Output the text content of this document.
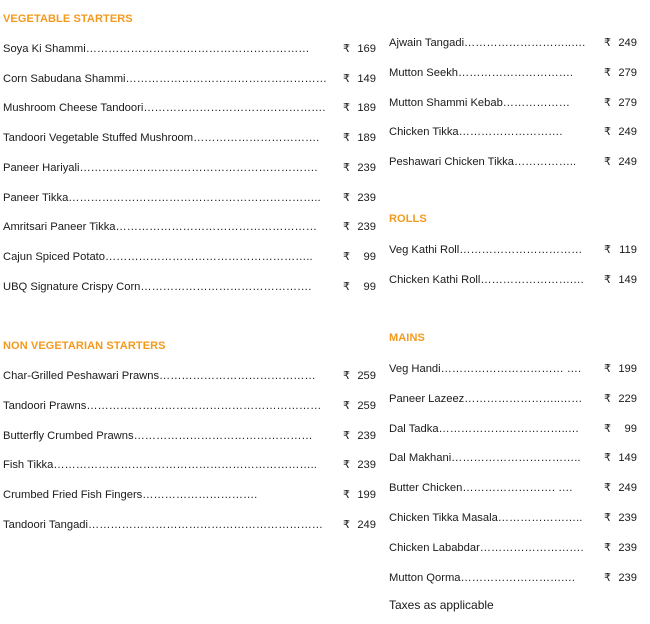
VEGETABLE STARTERS
Soya Ki Shammi……………………………………………………	₹ 169
Corn Sabudana Shammi……………………………………………… ₹ 149
Mushroom Cheese Tandoori…………………………………………. ₹ 189
Tandoori Vegetable Stuffed Mushroom……………………………. ₹ 189
Paneer Hariyali………………………………………………………. ₹ 239
Paneer Tikka………………………………………………………….. ₹ 239
Amritsari Paneer Tikka……………………………………………… ₹ 239
Cajun Spiced Potato………………………………………………..	₹	99
UBQ Signature Crispy Corn……………………………………….	₹	99
NON VEGETARIAN STARTERS
Char-Grilled Peshawari Prawns…………………………………… ₹ 259
Tandoori Prawns……………………………………………………… ₹ 259
Butterfly Crumbed Prawns…………………………………………	₹ 239
Fish Tikka…………………………………………………………….. ₹ 239
Crumbed Fried Fish Fingers………………………….	₹ 199
Tandoori Tangadi……………………………………………………… ₹ 249
Ajwain Tangadi………………………..…. ₹ 249
Mutton Seekh………………………….	₹ 279
Mutton Shammi Kebab………………	₹ 279
Chicken Tikka……………………….	₹ 249
Peshawari Chicken Tikka…………….. ₹ 249
ROLLS
Veg Kathi Roll…………………………… ₹ 119
Chicken Kathi Roll…………………….… ₹ 149
MAINS
Veg Handi…………………………… …. ₹ 199
Paneer Lazeez……………………..…… ₹ 229
Dal Tadka……………………………..… ₹	99
Dal Makhani…………………………….. ₹ 149
Butter Chicken……………………. ….	₹ 249
Chicken Tikka Masala………………….. ₹ 239
Chicken Lababdar………………………. ₹ 239
Mutton Qorma……………………….…	₹ 239
Taxes as applicable
